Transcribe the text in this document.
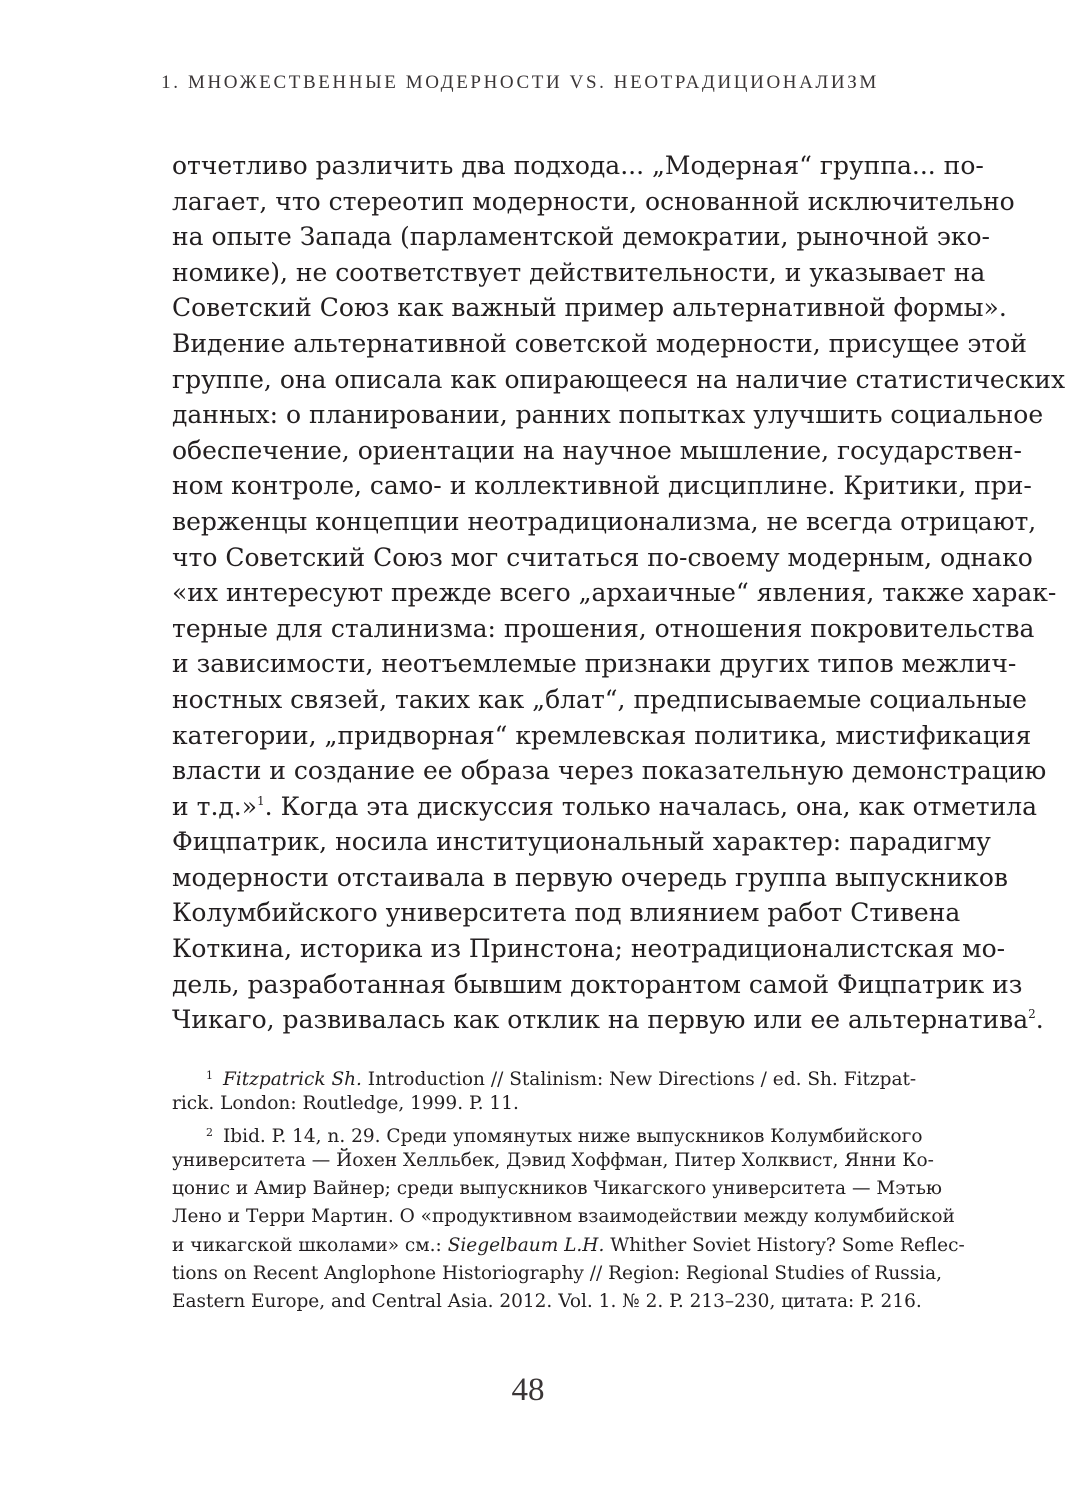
1. МНОЖЕСТВЕННЫЕ МОДЕРНОСТИ VS. НЕОТРАДИЦИОНАЛИЗМ
отчетливо различить два подхода... „Модерная“ группа... по-
лагает, что стереотип модерности, основанной исключительно
на опыте Запада (парламентской демократии, рыночной эко-
номике), не соответствует действительности, и указывает на
Советский Союз как важный пример альтернативной формы».
Видение альтернативной советской модерности, присущее этой
группе, она описала как опирающееся на наличие статистических
данных: о планировании, ранних попытках улучшить социальное
обеспечение, ориентации на научное мышление, государствен-
ном контроле, само- и коллективной дисциплине. Критики, при-
верженцы концепции неотрадиционализма, не всегда отрицают,
что Советский Союз мог считаться по-своему модерным, однако
«их интересуют прежде всего „архаичные“ явления, также харак-
терные для сталинизма: прошения, отношения покровительства
и зависимости, неотъемлемые признаки других типов межлич-
ностных связей, таких как „блат“, предписываемые социальные
категории, „придворная“ кремлевская политика, мистификация
власти и создание ее образа через показательную демонстрацию
и т.д.»$^1$. Когда эта дискуссия только началась, она, как отметила
Фицпатрик, носила институциональный характер: парадигму
модерности отстаивала в первую очередь группа выпускников
Колумбийского университета под влиянием работ Стивена
Коткина, историка из Принстона; неотрадиционалистская мо-
дель, разработанная бывшим докторантом самой Фицпатрик из
Чикаго, развивалась как отклик на первую или ее альтернатива$^2$.
$^1$ Fitzpatrick Sh. Introduction // Stalinism: New Directions / ed. Sh. Fitzpat-
rick. London: Routledge, 1999. P. 11.
$^2$ Ibid. P. 14, n. 29. Среди упомянутых ниже выпускников Колумбийского
университета — Йохен Хелльбек, Дэвид Хоффман, Питер Холквист, Янни Ко-
цонис и Амир Вайнер; среди выпускников Чикагского университета — Мэтью
Лено и Терри Мартин. О «продуктивном взаимодействии между колумбийской
и чикагской школами» см.: Siegelbaum L.H. Whither Soviet History? Some Reflec-
tions on Recent Anglophone Historiography // Region: Regional Studies of Russia,
Eastern Europe, and Central Asia. 2012. Vol. 1. № 2. P. 213–230, цитата: P. 216.
48
